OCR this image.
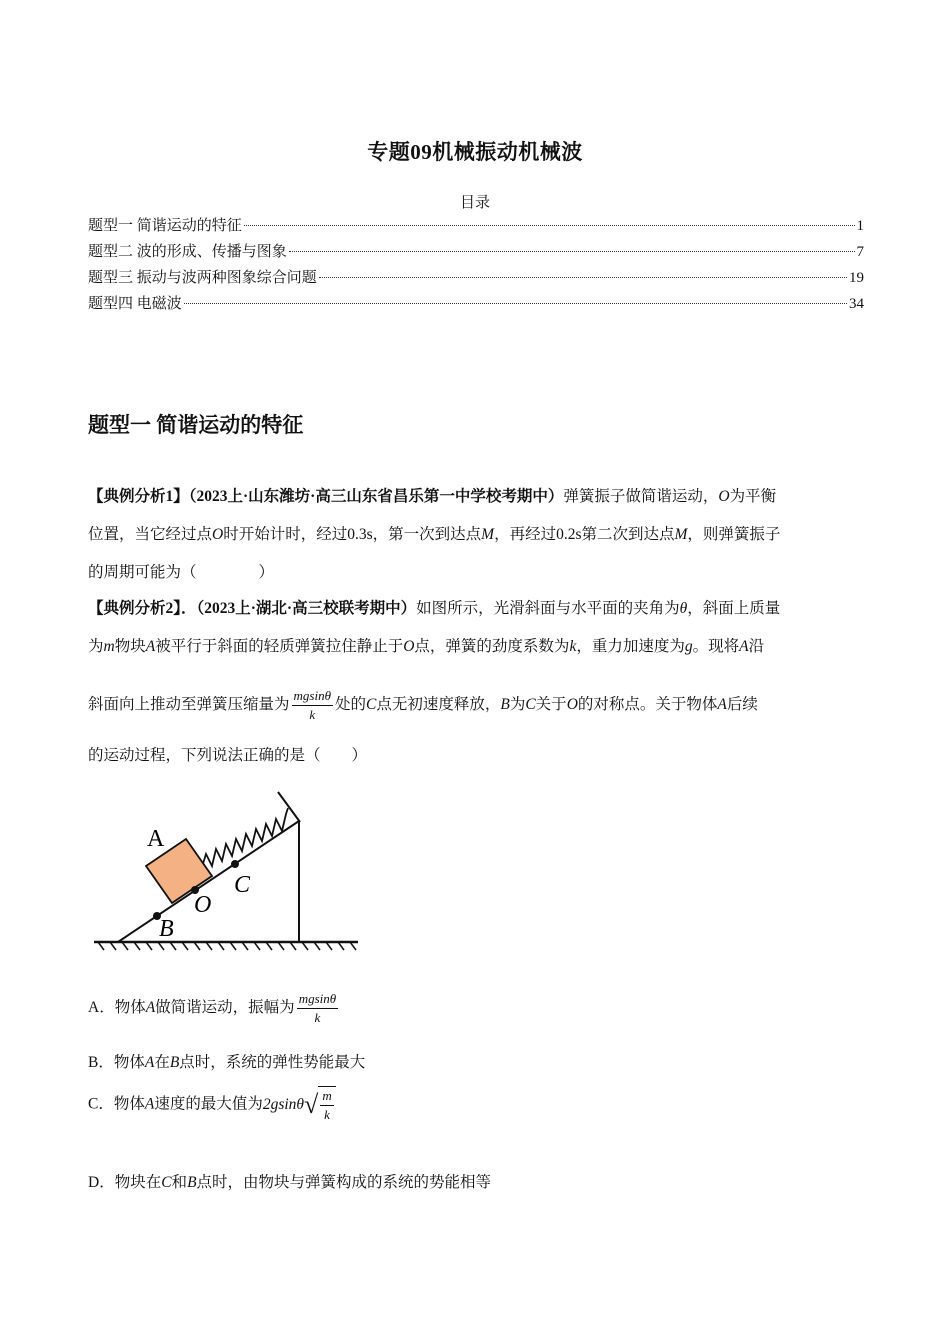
专题09机械振动机械波
目录
题型一 简谐运动的特征	1
题型二 波的形成、传播与图象	7
题型三 振动与波两种图象综合问题	19
题型四 电磁波	34
题型一 简谐运动的特征
【典例分析1】（2023上·山东潍坊·高三山东省昌乐第一中学校考期中）弹簧振子做简谐运动，O为平衡
位置，当它经过点O时开始计时，经过0.3s，第一次到达点M，再经过0.2s第二次到达点M，则弹簧振子
的周期可能为（　　　　）
【典例分析2】．（2023上·湖北·高三校联考期中）如图所示，光滑斜面与水平面的夹角为θ，斜面上质量
为m物块A被平行于斜面的轻质弹簧拉住静止于O点，弹簧的劲度系数为k，重力加速度为g。现将A沿
斜面向上推动至弹簧压缩量为 $\frac{mgsin\theta}{k}$ 处的C点无初速度释放，B为C关于O的对称点。关于物体A后续
的运动过程，下列说法正确的是（　　）
A
B
O
C
A．物体A做简谐运动，振幅为 $\frac{mgsin\theta}{k}$
B．物体A在B点时，系统的弹性势能最大
C．物体A速度的最大值为$2gsin\theta√ \frac{m}{k}$
D．物块在C和B点时，由物块与弹簧构成的系统的势能相等
